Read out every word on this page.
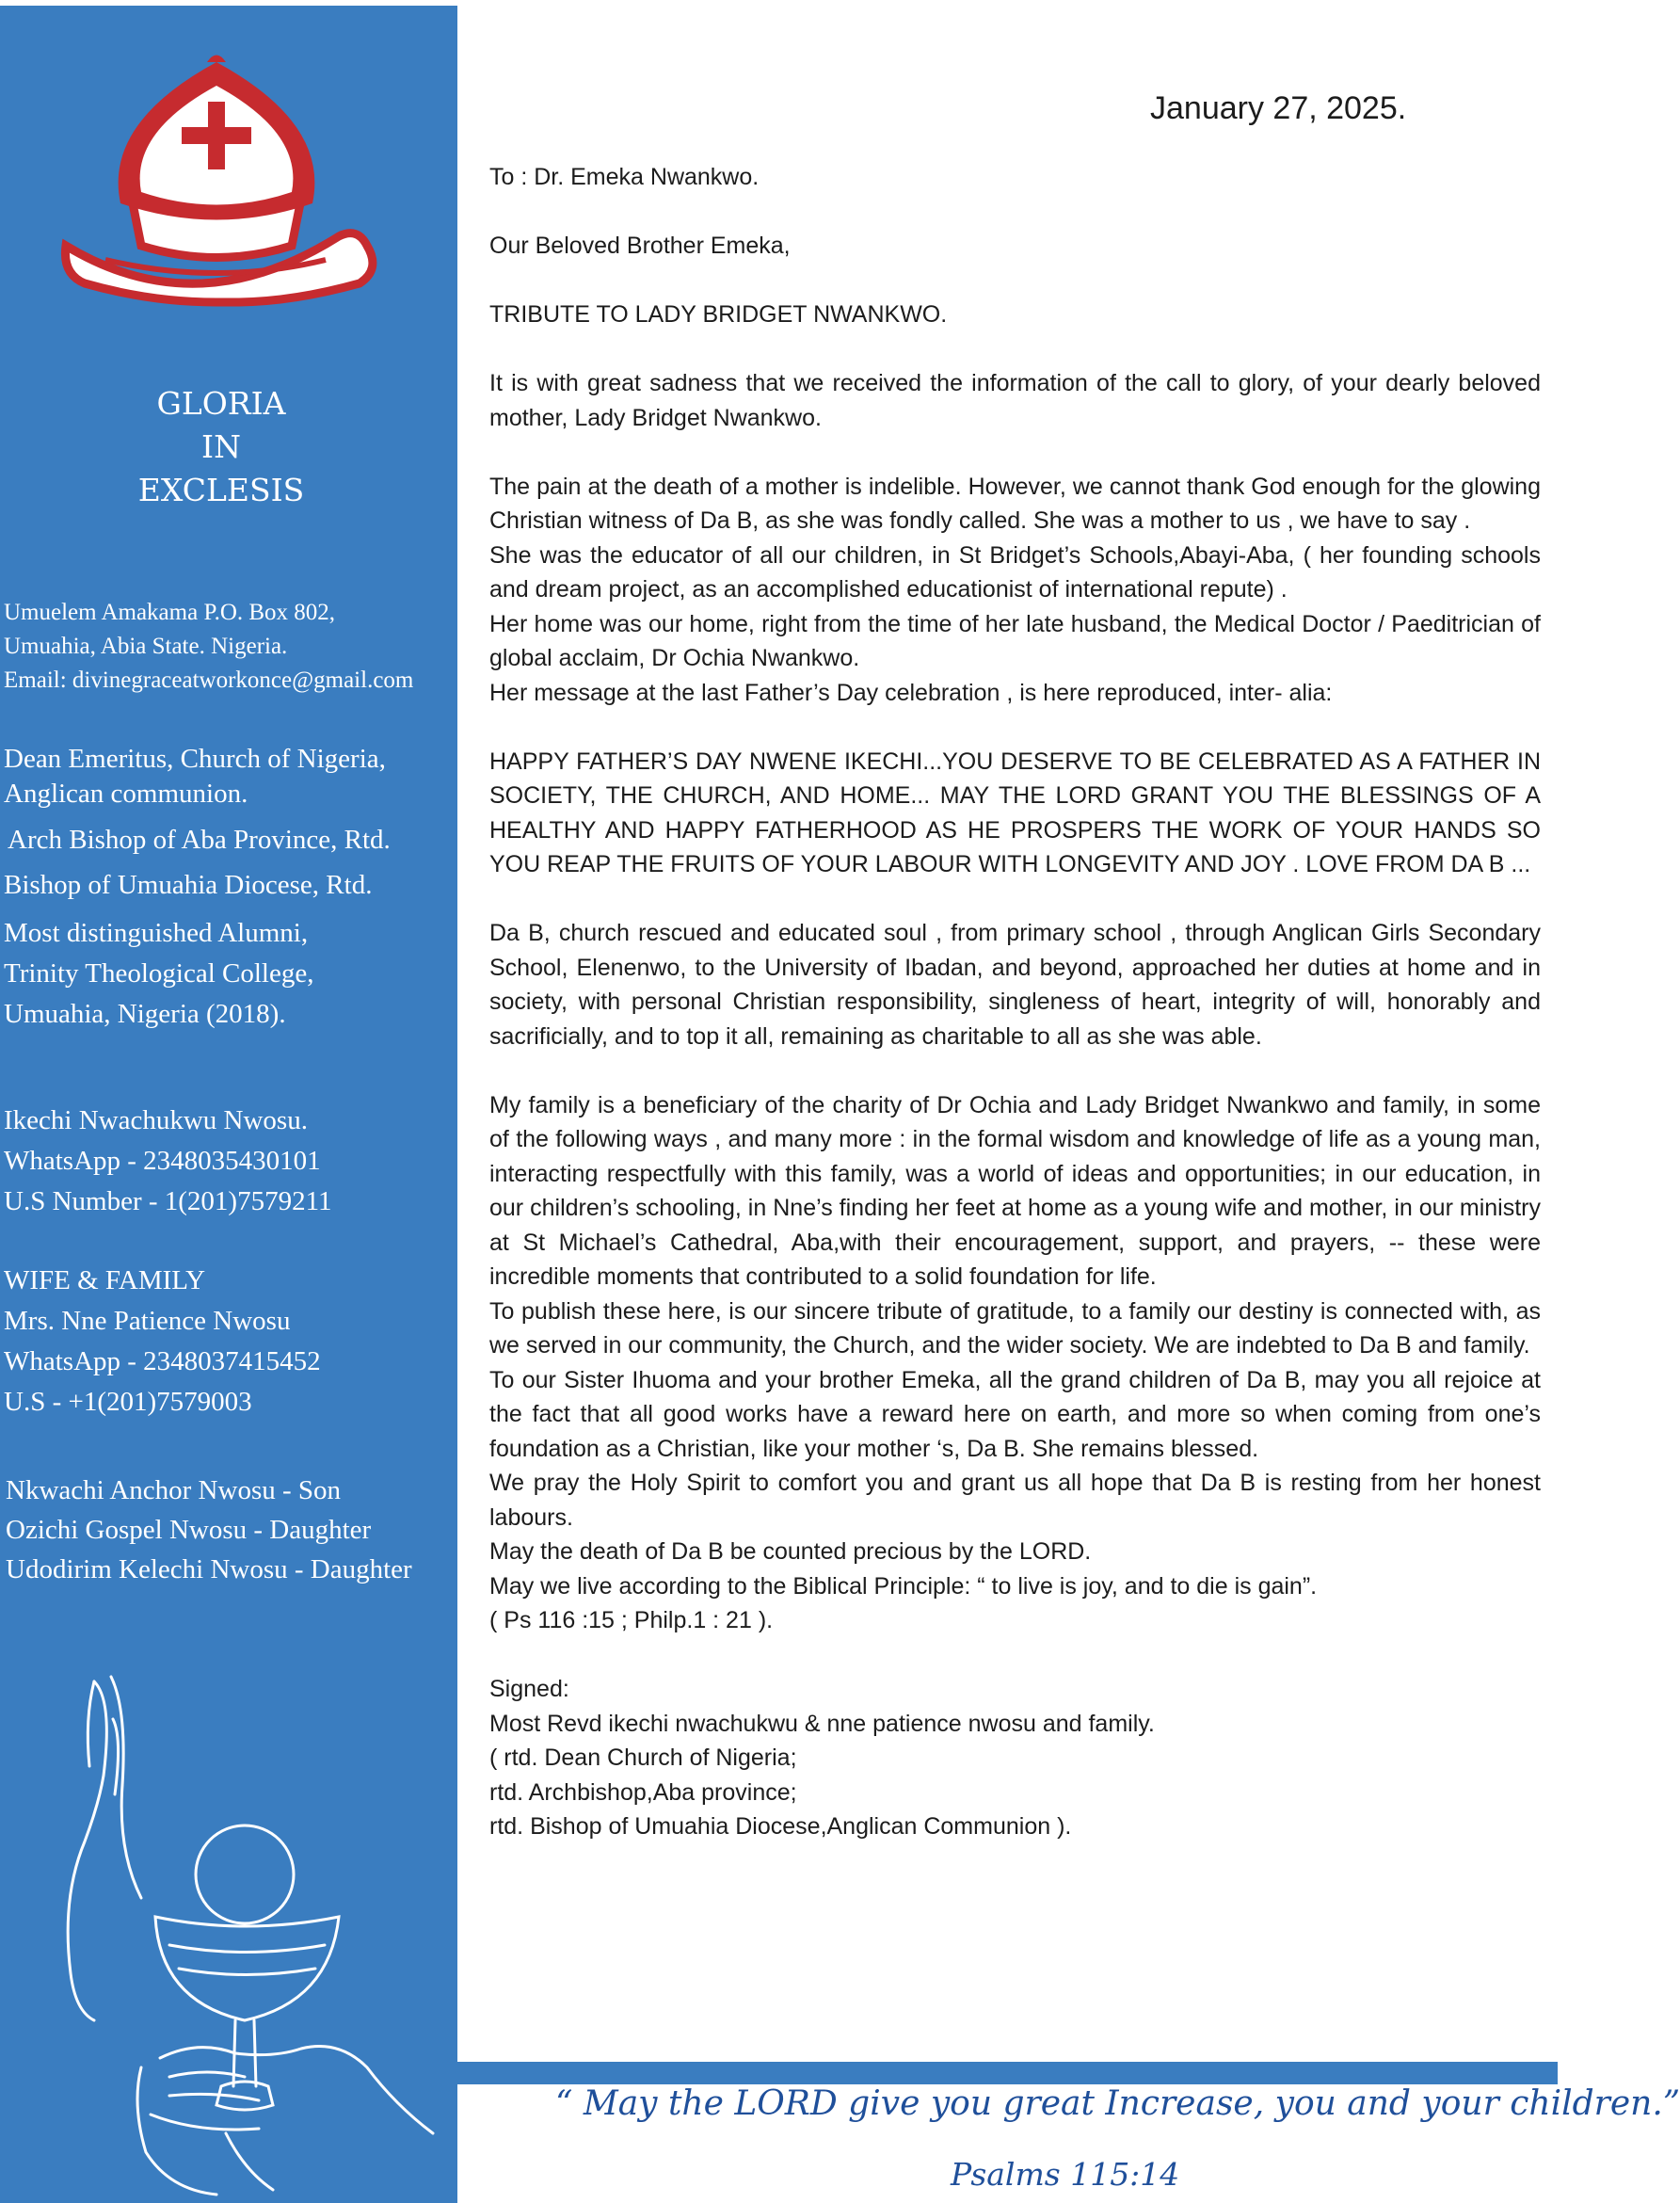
GLORIA
IN
EXCLESIS
Umuelem Amakama P.O. Box 802,
Umuahia, Abia State. Nigeria.
Email: divinegraceatworkonce@gmail.com
Dean Emeritus, Church of Nigeria,
Anglican communion.
Arch Bishop of Aba Province, Rtd.
Bishop of Umuahia Diocese, Rtd.
Most distinguished Alumni,
Trinity Theological College,
Umuahia, Nigeria (2018).
Ikechi Nwachukwu Nwosu.
WhatsApp - 2348035430101
U.S Number - 1(201)7579211
WIFE & FAMILY
Mrs. Nne Patience Nwosu
WhatsApp - 2348037415452
U.S - +1(201)7579003
Nkwachi Anchor Nwosu - Son
Ozichi Gospel Nwosu - Daughter
Udodirim Kelechi Nwosu - Daughter
January 27, 2025.

To : Dr. Emeka Nwankwo.

Our Beloved Brother Emeka,

TRIBUTE TO LADY BRIDGET NWANKWO.

It is with great sadness that we received the information of the call to glory, of your dearly beloved mother, Lady Bridget Nwankwo.

The pain at the death of a mother is indelible. However, we cannot thank God enough for the glowing Christian witness of Da B, as she was fondly called. She was a mother to us , we have to say .

She was the educator of all our children, in St Bridget’s Schools,Abayi-Aba, ( her founding schools and dream project, as an accomplished educationist of international repute) .

Her home was our home, right from the time of her late husband, the Medical Doctor / Paeditrician of global acclaim, Dr Ochia Nwankwo.

Her message at the last Father’s Day celebration , is here reproduced, inter- alia:

HAPPY FATHER’S DAY NWENE IKECHI...YOU DESERVE TO BE CELEBRATED AS A FATHER IN SOCIETY, THE CHURCH, AND HOME... MAY THE LORD GRANT YOU THE BLESSINGS OF A HEALTHY AND HAPPY FATHERHOOD AS HE PROSPERS THE WORK OF YOUR HANDS SO YOU REAP THE FRUITS OF YOUR LABOUR WITH LONGEVITY AND JOY . LOVE FROM DA B ...

Da B, church rescued and educated soul , from primary school , through Anglican Girls Secondary School, Elenenwo, to the University of Ibadan, and beyond, approached her duties at home and in society, with personal Christian responsibility, singleness of heart, integrity of will, honorably and sacrificially, and to top it all, remaining as charitable to all as she was able.

My family is a beneficiary of the charity of Dr Ochia and Lady Bridget Nwankwo and family, in some of the following ways , and many more : in the formal wisdom and knowledge of life as a young man, interacting respectfully with this family, was a world of ideas and opportunities; in our education, in our children’s schooling, in Nne’s finding her feet at home as a young wife and mother, in our ministry at St Michael’s Cathedral, Aba,with their encouragement, support, and prayers, -- these were incredible moments that contributed to a solid foundation for life.

To publish these here, is our sincere tribute of gratitude, to a family our destiny is connected with, as we served in our community, the Church, and the wider society. We are indebted to Da B and family.

To our Sister Ihuoma and your brother Emeka, all the grand children of Da B, may you all rejoice at the fact that all good works have a reward here on earth, and more so when coming from one’s foundation as a Christian, like your mother ‘s, Da B. She remains blessed.

We pray the Holy Spirit to comfort you and grant us all hope that Da B is resting from her honest labours.

May the death of Da B be counted precious by the LORD.

May we live according to the Biblical Principle: “ to live is joy, and to die is gain”.

( Ps 116 :15 ; Philp.1 : 21 ).

Signed:
Most Revd ikechi nwachukwu & nne patience nwosu and family.
( rtd. Dean Church of Nigeria;
rtd. Archbishop,Aba province;
rtd. Bishop of Umuahia Diocese,Anglican Communion ).
“ May the LORD give you great Increase, you and your children.”
Psalms 115:14
